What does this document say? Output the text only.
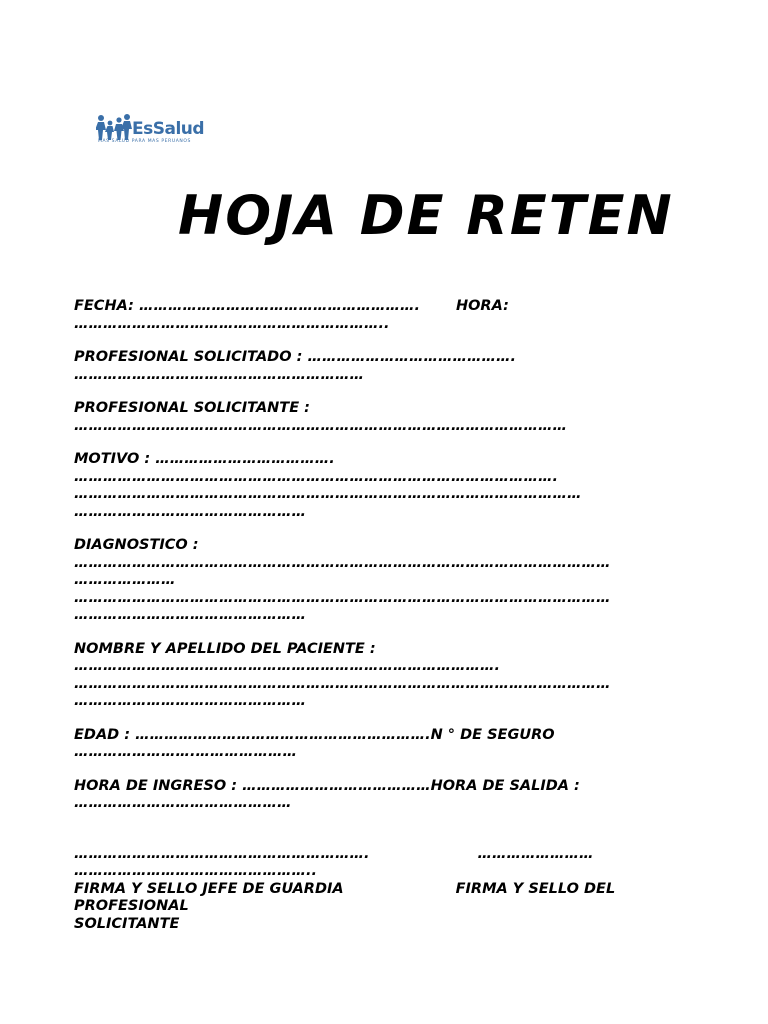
EsSalud
MAS SALUD PARA MAS PERUANOS
HOJA DE RETEN
FECHA: …………………………………………………. HORA:
………………………………………………………..
PROFESIONAL SOLICITADO : …………………………………….
……………………………………………………
PROFESIONAL SOLICITANTE :
…………………………………………………………………………………………
MOTIVO : ……………………………….
……………………………………………………………………………………….
……………………………………………………………………………………………
…………………………………………
DIAGNOSTICO :
…………………………………………………………………………………………………
…………………
…………………………………………………………………………………………………
…………………………………………
NOMBRE Y APELLIDO DEL PACIENTE :
…………………………………………………………………………….
…………………………………………………………………………………………………
…………………………………………
EDAD : …………………………………………………….N ° DE SEGURO
…………………….…………………
HORA DE INGRESO : …………………………………HORA DE SALIDA :
………………………………………
…………………………………………………….	……………………
…………………………………………..
FIRMA Y SELLO JEFE DE GUARDIA	FIRMA Y SELLO DEL
PROFESIONAL
SOLICITANTE
